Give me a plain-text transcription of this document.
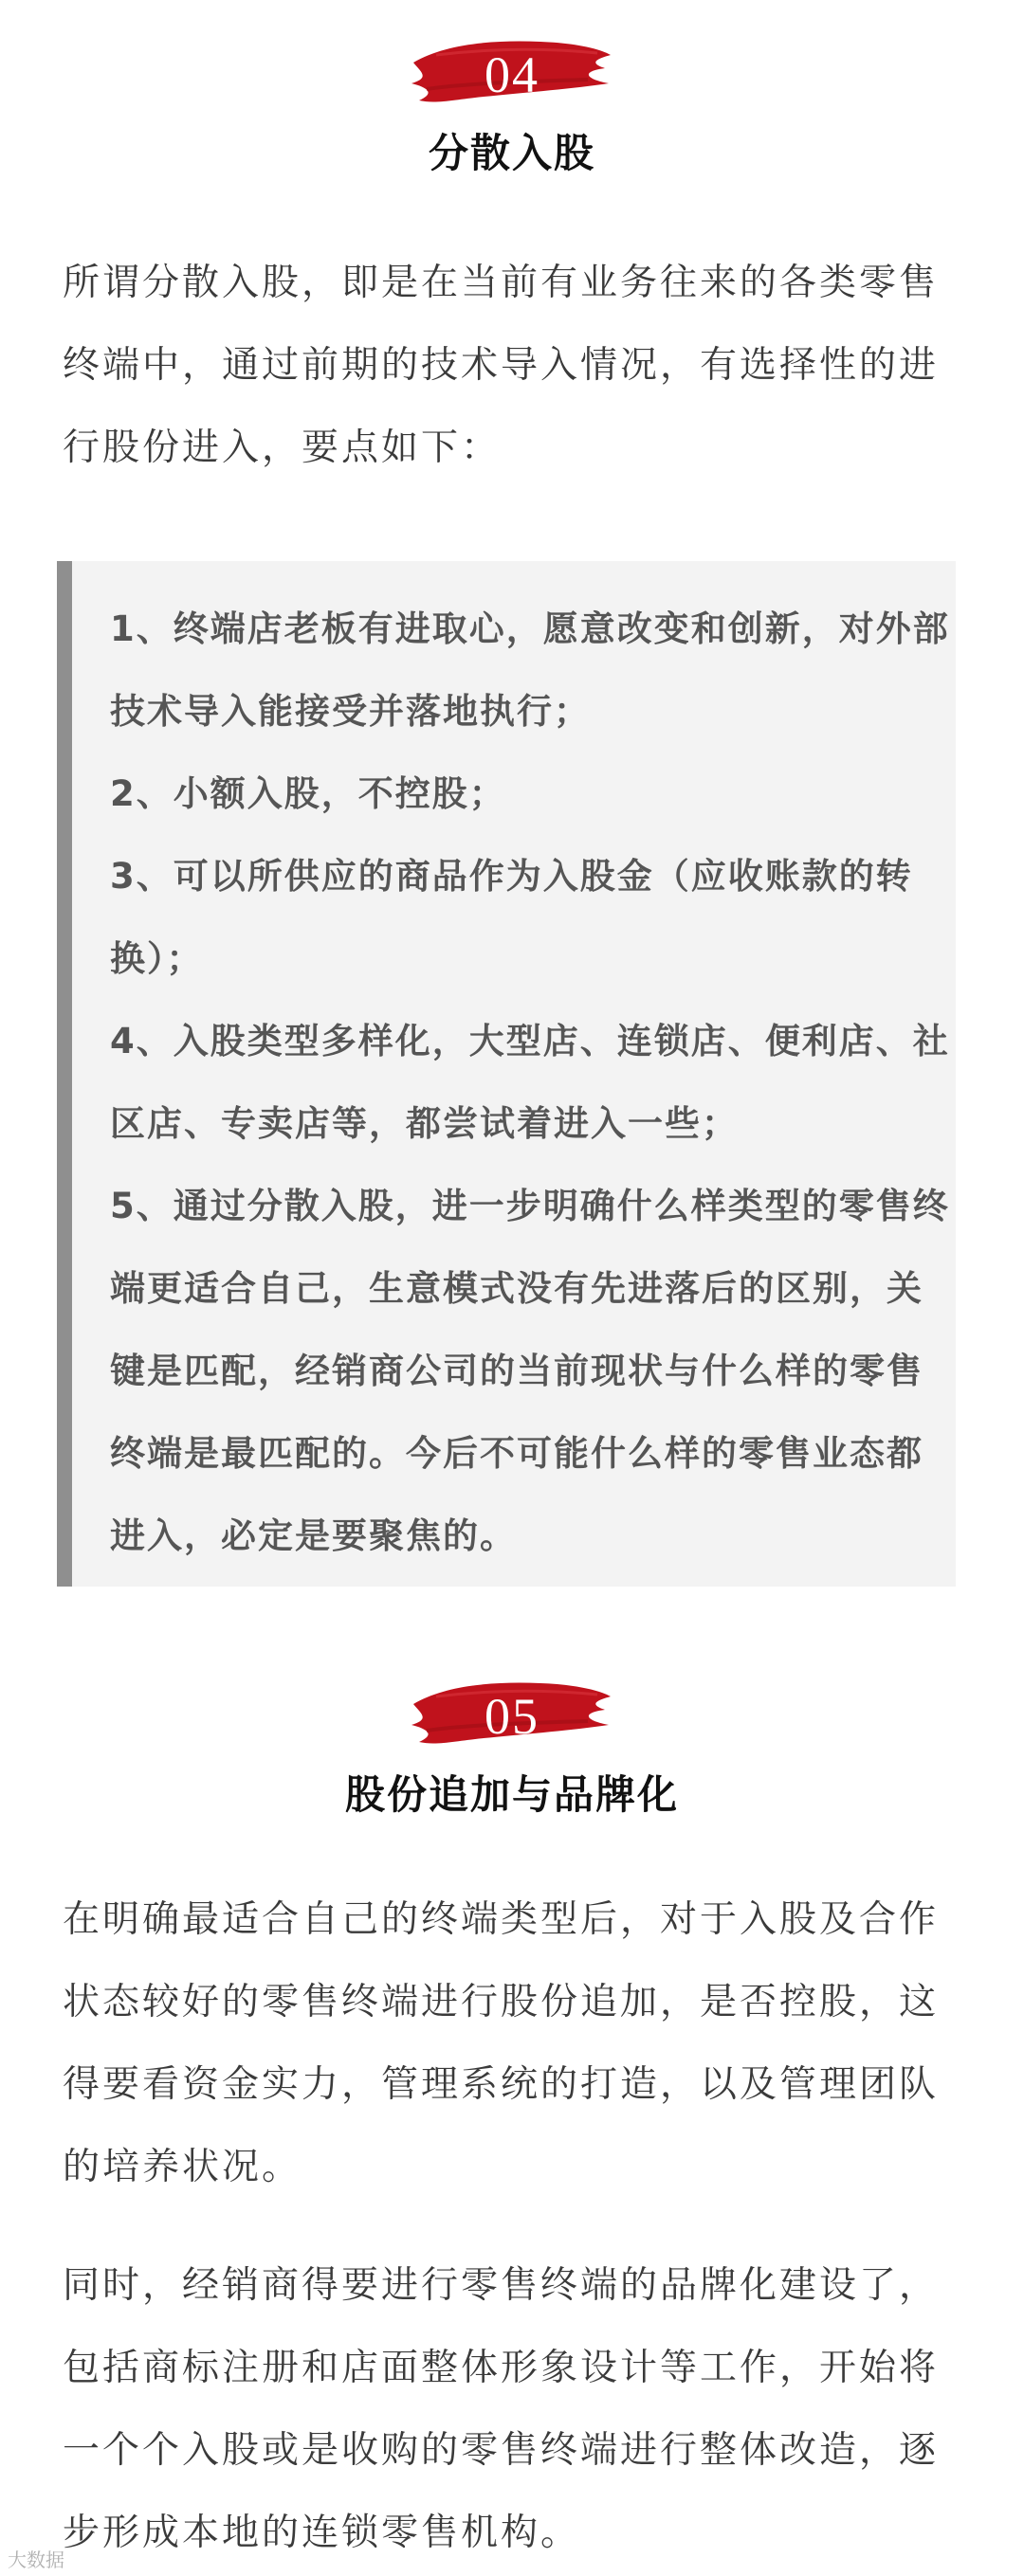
04
分散入股

所谓分散入股，即是在当前有业务往来的各类零售终端中，通过前期的技术导入情况，有选择性的进行股份进入，要点如下：

1、终端店老板有进取心，愿意改变和创新，对外部技术导入能接受并落地执行；

2、小额入股，不控股；

3、可以所供应的商品作为入股金（应收账款的转换）；

4、入股类型多样化，大型店、连锁店、便利店、社区店、专卖店等，都尝试着进入一些；

5、通过分散入股，进一步明确什么样类型的零售终端更适合自己，生意模式没有先进落后的区别，关键是匹配，经销商公司的当前现状与什么样的零售终端是最匹配的。今后不可能什么样的零售业态都进入，必定是要聚焦的。

05
股份追加与品牌化

在明确最适合自己的终端类型后，对于入股及合作状态较好的零售终端进行股份追加，是否控股，这得要看资金实力，管理系统的打造，以及管理团队的培养状况。

同时，经销商得要进行零售终端的品牌化建设了，包括商标注册和店面整体形象设计等工作，开始将一个个入股或是收购的零售终端进行整体改造，逐步形成本地的连锁零售机构。

大数据
